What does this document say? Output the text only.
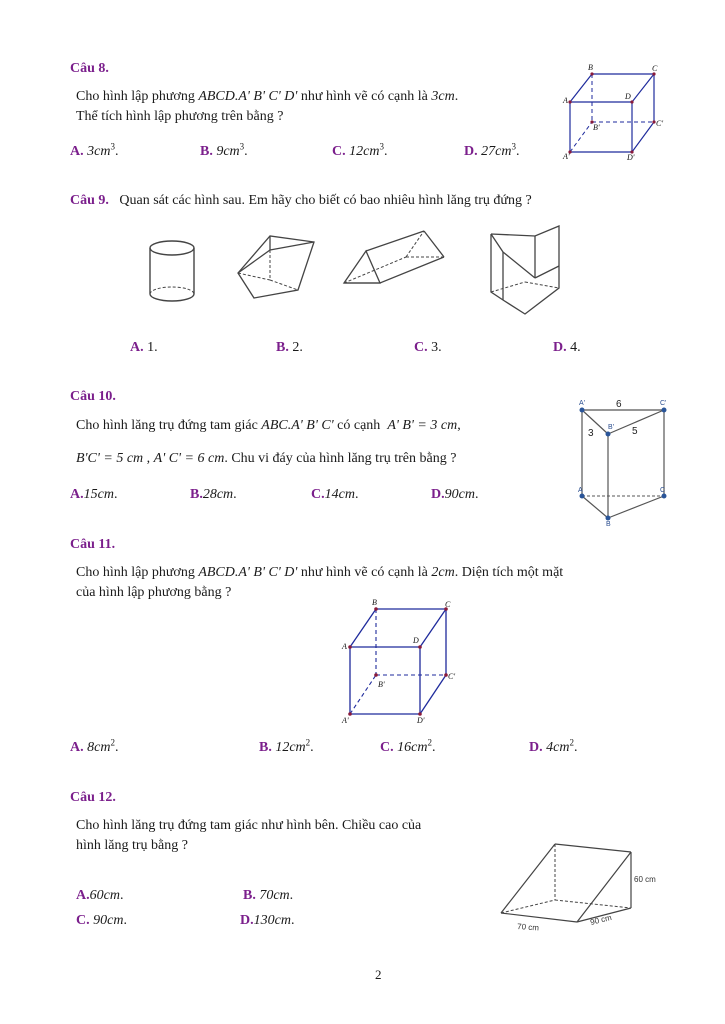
Câu 8.
Cho hình lập phương ABCD.A' B' C' D' như hình vẽ có cạnh là 3cm.
Thể tích hình lập phương trên bằng ?
A. $3cm^3$.	B. $9cm^3$.	C. $12cm^3$.	D. $27cm^3$.
B	C
A	D
B'	C'
A'	D'
Câu 9. Quan sát các hình sau. Em hãy cho biết có bao nhiêu hình lăng trụ đứng ?
A. 1.	B. 2.	C. 3.	D. 4.
Câu 10.
Cho hình lăng trụ đứng tam giác ABC.A' B' C' có cạnh  A' B' = 3 cm,
B'C' = 5 cm , A' C' = 6 cm. Chu vi đáy của hình lăng trụ trên bằng ?
A.15cm.	B.28cm.	C.14cm.	D.90cm.
A'	C'
B'
A	C
B
6
3	5
Câu 11.
Cho hình lập phương ABCD.A' B' C' D' như hình vẽ có cạnh là 2cm. Diện tích một mặt
của hình lập phương bằng ?
B	C
A
D
B'
C'
A'	D'
A. $8cm^2$.	B. $12cm^2$.	C. $16cm^2$.	D. $4cm^2$.
Câu 12.
Cho hình lăng trụ đứng tam giác như hình bên. Chiều cao của
hình lăng trụ bằng ?
A.60cm.	B. 70cm.
C. 90cm.	D.130cm.
60 cm
70 cm
90 cm
2
